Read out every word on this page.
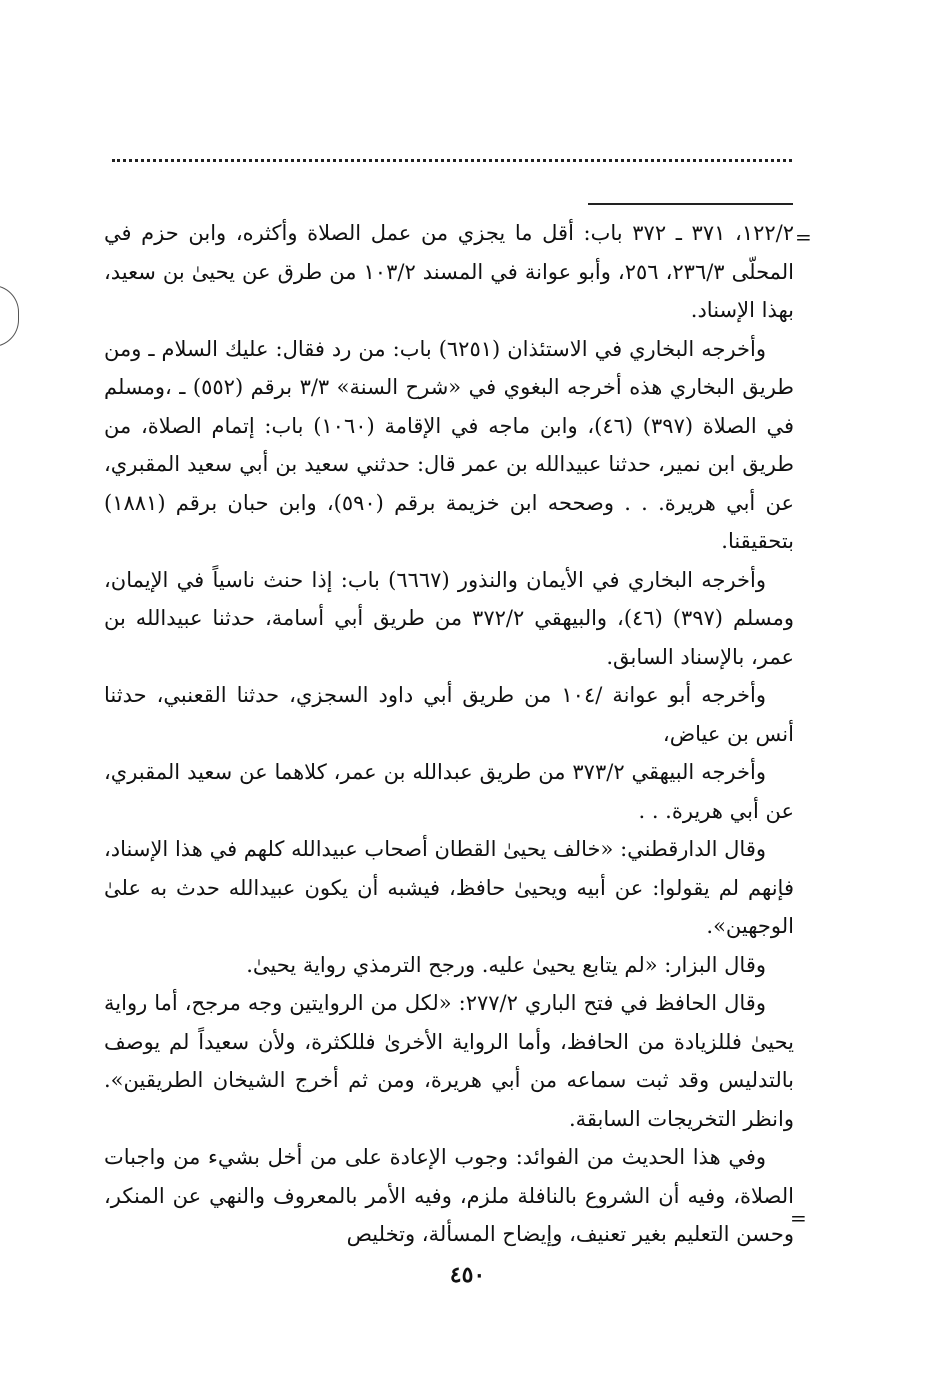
=

١٢٢/٢، ٣٧١ ـ ٣٧٢ باب: أقل ما يجزي من عمل الصلاة وأكثره، وابن حزم في المحلّى ٢٣٦/٣، ٢٥٦، وأبو عوانة في المسند ١٠٣/٢ من طرق عن يحيىٰ بن سعيد، بهذا الإسناد.

وأخرجه البخاري في الاستئذان (٦٢٥١) باب: من رد فقال: عليك السلام ـ ومن طريق البخاري هذه أخرجه البغوي في «شرح السنة» ٣/٣ برقم (٥٥٢) ـ ،ومسلم في الصلاة (٣٩٧) (٤٦)، وابن ماجه في الإقامة (١٠٦٠) باب: إتمام الصلاة، من طريق ابن نمير، حدثنا عبيدالله بن عمر قال: حدثني سعيد بن أبي سعيد المقبري، عن أبي هريرة. . . وصححه ابن خزيمة برقم (٥٩٠)، وابن حبان برقم (١٨٨١) بتحقيقنا.

وأخرجه البخاري في الأيمان والنذور (٦٦٦٧) باب: إذا حنث ناسياً في الإيمان، ومسلم (٣٩٧) (٤٦)، والبيهقي ٣٧٢/٢ من طريق أبي أسامة، حدثنا عبيدالله بن عمر، بالإسناد السابق.

وأخرجه أبو عوانة /١٠٤ من طريق أبي داود السجزي، حدثنا القعنبي، حدثنا أنس بن عياض،

وأخرجه البيهقي ٣٧٣/٢ من طريق عبدالله بن عمر، كلاهما عن سعيد المقبري، عن أبي هريرة. . .

وقال الدارقطني: «خالف يحيىٰ القطان أصحاب عبيدالله كلهم في هذا الإسناد، فإنهم لم يقولوا: عن أبيه ويحيىٰ حافظ، فيشبه أن يكون عبيدالله حدث به علىٰ الوجهين».

وقال البزار: «لم يتابع يحيىٰ عليه. ورجح الترمذي رواية يحيىٰ.

وقال الحافظ في فتح الباري ٢٧٧/٢: «لكل من الروايتين وجه مرجح، أما رواية يحيىٰ فللزيادة من الحافظ، وأما الرواية الأخرىٰ فللكثرة، ولأن سعيداً لم يوصف بالتدليس وقد ثبت سماعه من أبي هريرة، ومن ثم أخرج الشيخان الطريقين». وانظر التخريجات السابقة.

وفي هذا الحديث من الفوائد: وجوب الإعادة على من أخل بشيء من واجبات الصلاة، وفيه أن الشروع بالنافلة ملزم، وفيه الأمر بالمعروف والنهي عن المنكر، وحسن التعليم بغير تعنيف، وإيضاح المسألة، وتخليص

=
٤٥٠
